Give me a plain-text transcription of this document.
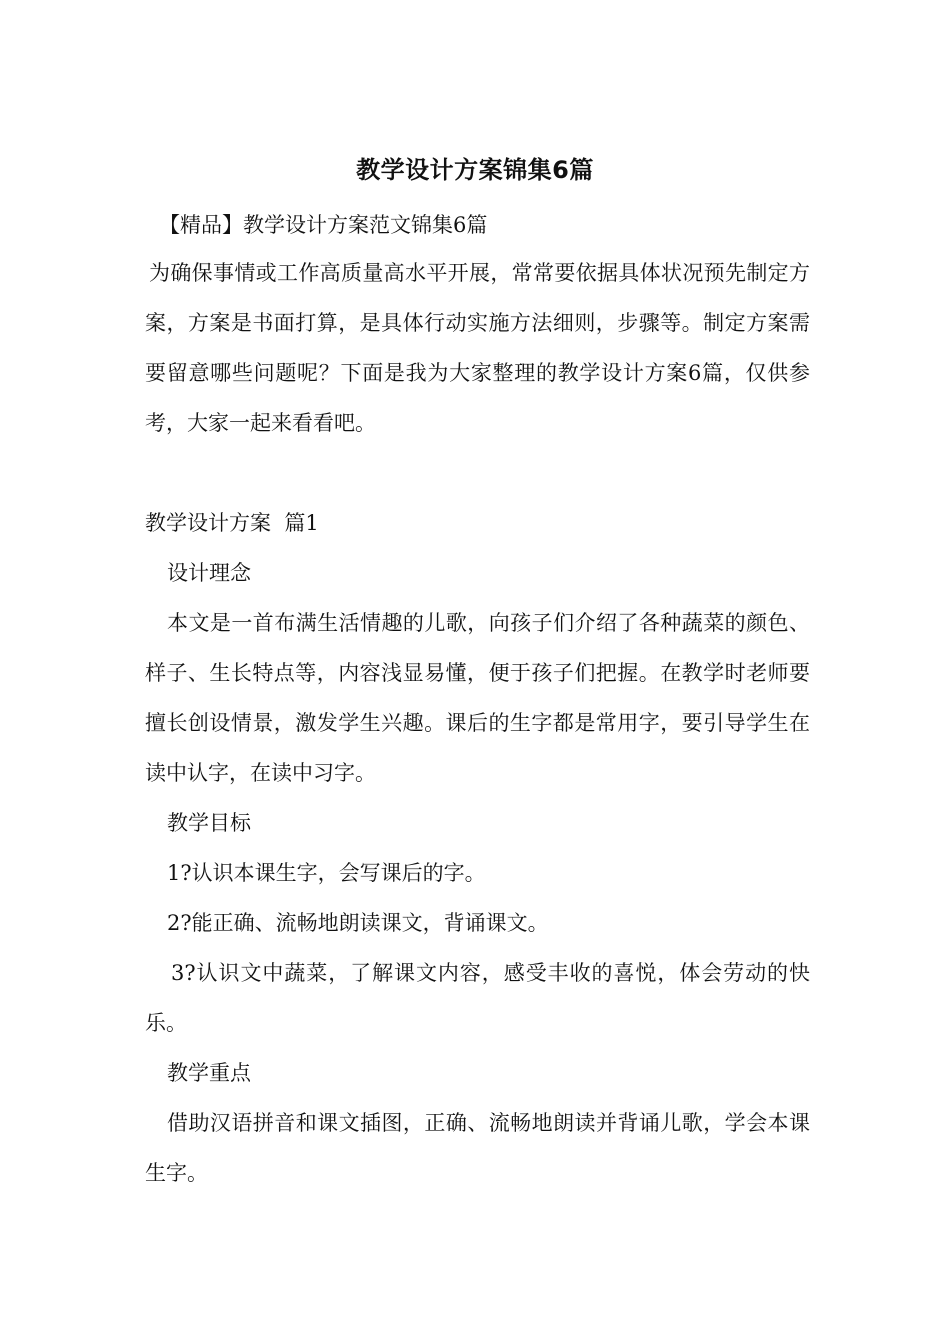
教学设计方案锦集6篇
【精品】教学设计方案范文锦集6篇
为确保事情或工作高质量高水平开展，常常要依据具体状况预先制定方案，方案是书面打算，是具体行动实施方法细则，步骤等。制定方案需要留意哪些问题呢？下面是我为大家整理的教学设计方案6篇，仅供参考，大家一起来看看吧。
教学设计方案  篇1
设计理念
本文是一首布满生活情趣的儿歌，向孩子们介绍了各种蔬菜的颜色、样子、生长特点等，内容浅显易懂，便于孩子们把握。在教学时老师要擅长创设情景，激发学生兴趣。课后的生字都是常用字，要引导学生在读中认字，在读中习字。
教学目标
1?认识本课生字，会写课后的字。
2?能正确、流畅地朗读课文，背诵课文。
3?认识文中蔬菜，了解课文内容，感受丰收的喜悦，体会劳动的快乐。
教学重点
借助汉语拼音和课文插图，正确、流畅地朗读并背诵儿歌，学会本课生字。
